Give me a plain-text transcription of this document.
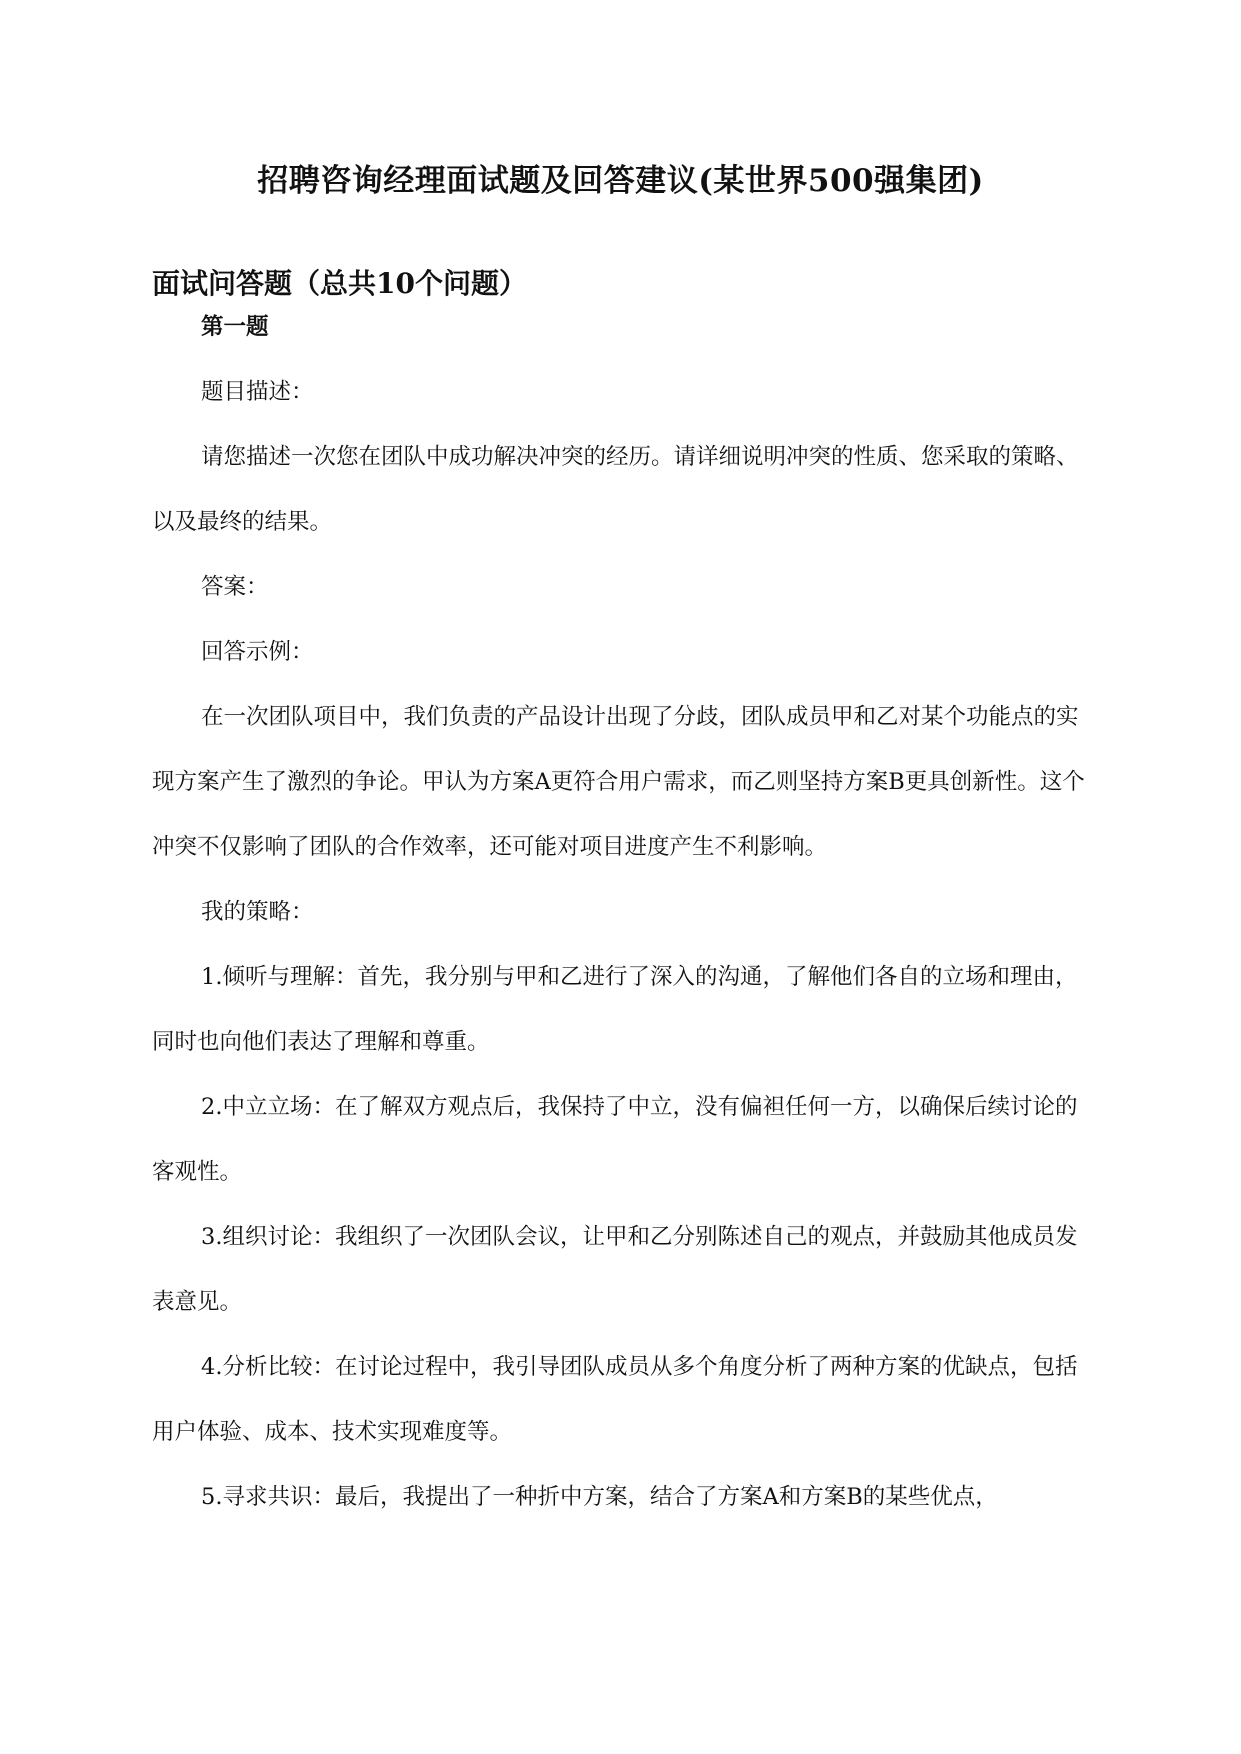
招聘咨询经理面试题及回答建议(某世界500强集团)
面试问答题（总共10个问题）

第一题

题目描述：

请您描述一次您在团队中成功解决冲突的经历。请详细说明冲突的性质、您采取的策略、以及最终的结果。

答案：

回答示例：

在一次团队项目中，我们负责的产品设计出现了分歧，团队成员甲和乙对某个功能点的实现方案产生了激烈的争论。甲认为方案A更符合用户需求，而乙则坚持方案B更具创新性。这个冲突不仅影响了团队的合作效率，还可能对项目进度产生不利影响。

我的策略：

1.倾听与理解：首先，我分别与甲和乙进行了深入的沟通，了解他们各自的立场和理由，同时也向他们表达了理解和尊重。

2.中立立场：在了解双方观点后，我保持了中立，没有偏袒任何一方，以确保后续讨论的客观性。

3.组织讨论：我组织了一次团队会议，让甲和乙分别陈述自己的观点，并鼓励其他成员发表意见。

4.分析比较：在讨论过程中，我引导团队成员从多个角度分析了两种方案的优缺点，包括用户体验、成本、技术实现难度等。

5.寻求共识：最后，我提出了一种折中方案，结合了方案A和方案B的某些优点，
